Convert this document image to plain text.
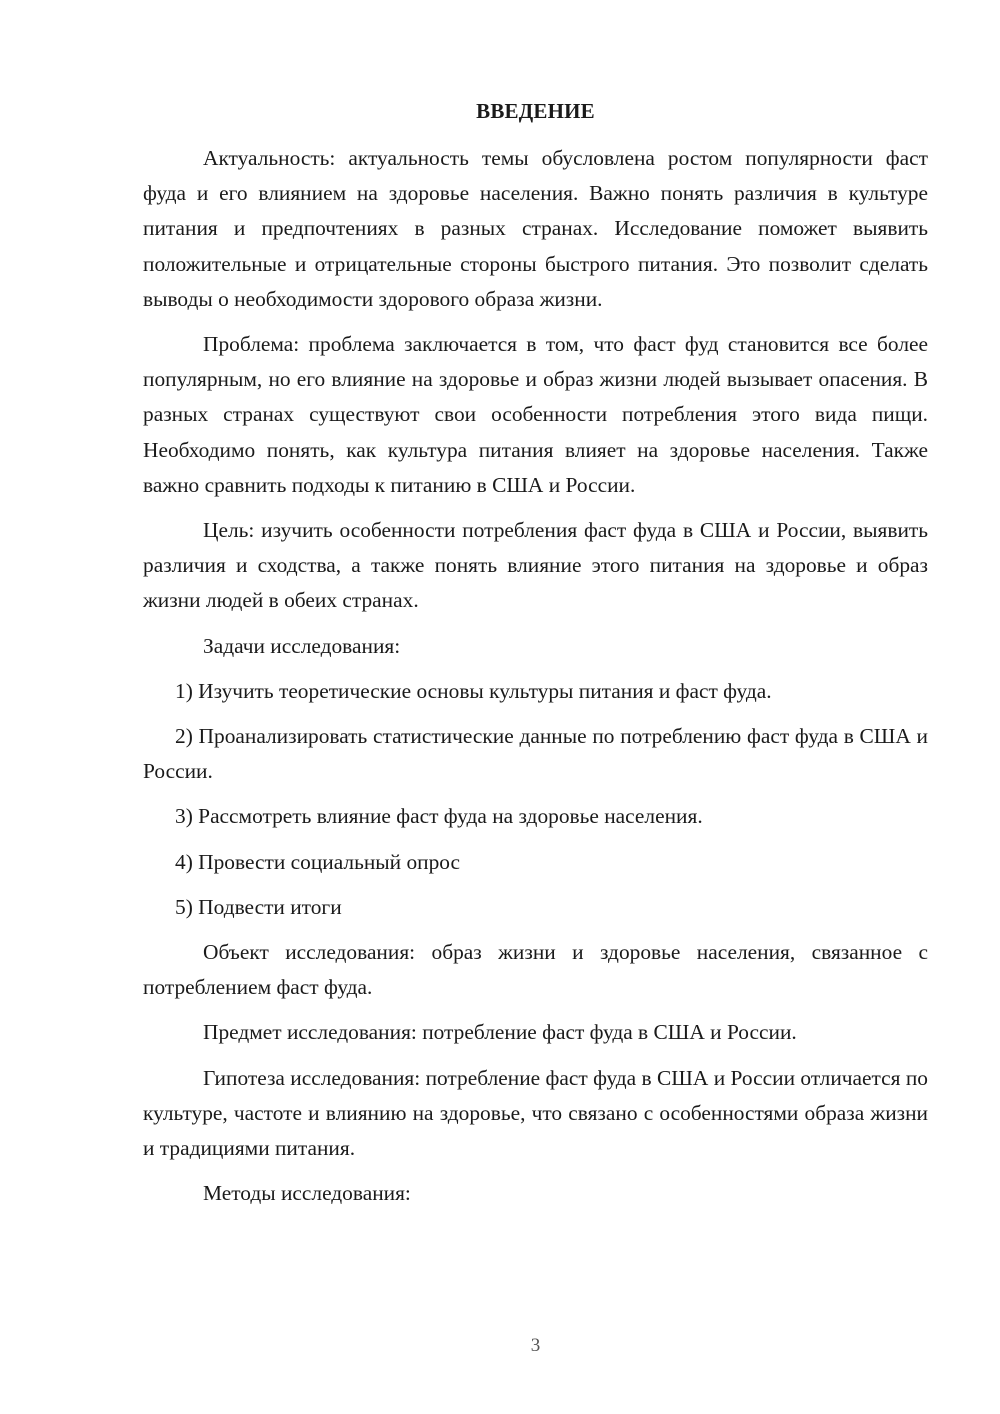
ВВЕДЕНИЕ

Актуальность: актуальность темы обусловлена ростом популярности фаст фуда и его влиянием на здоровье населения. Важно понять различия в культуре питания и предпочтениях в разных странах. Исследование поможет выявить положительные и отрицательные стороны быстрого питания. Это позволит сделать выводы о необходимости здорового образа жизни.

Проблема: проблема заключается в том, что фаст фуд становится все более популярным, но его влияние на здоровье и образ жизни людей вызывает опасения. В разных странах существуют свои особенности потребления этого вида пищи. Необходимо понять, как культура питания влияет на здоровье населения. Также важно сравнить подходы к питанию в США и России.

Цель: изучить особенности потребления фаст фуда в США и России, выявить различия и сходства, а также понять влияние этого питания на здоровье и образ жизни людей в обеих странах.

Задачи исследования:

1) Изучить теоретические основы культуры питания и фаст фуда.

2) Проанализировать статистические данные по потреблению фаст фуда в США и России.

3) Рассмотреть влияние фаст фуда на здоровье населения.

4) Провести социальный опрос

5) Подвести итоги

Объект исследования: образ жизни и здоровье населения, связанное с потреблением фаст фуда.

Предмет исследования: потребление фаст фуда в США и России.

Гипотеза исследования: потребление фаст фуда в США и России отличается по культуре, частоте и влиянию на здоровье, что связано с особенностями образа жизни и традициями питания.

Методы исследования:

3
